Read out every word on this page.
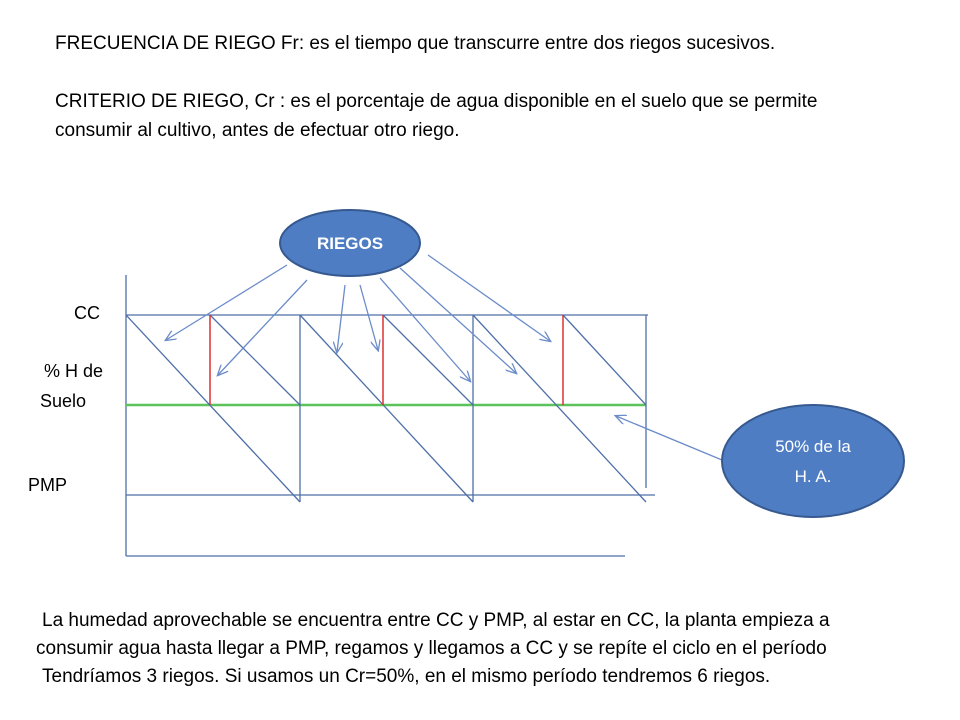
FRECUENCIA DE RIEGO Fr: es el tiempo que transcurre entre dos riegos sucesivos.

CRITERIO DE RIEGO, Cr : es el porcentaje de agua disponible en el suelo que se permite

consumir al cultivo, antes de efectuar otro riego.

RIEGOS
50% de la
H. A.
CC
% H de
Suelo
PMP

La humedad aprovechable se encuentra entre CC y PMP, al estar en CC, la planta empieza a

consumir agua hasta llegar a PMP, regamos y llegamos a CC y se repíte el ciclo en el período

Tendríamos 3 riegos. Si usamos un Cr=50%, en el mismo período tendremos 6 riegos.
